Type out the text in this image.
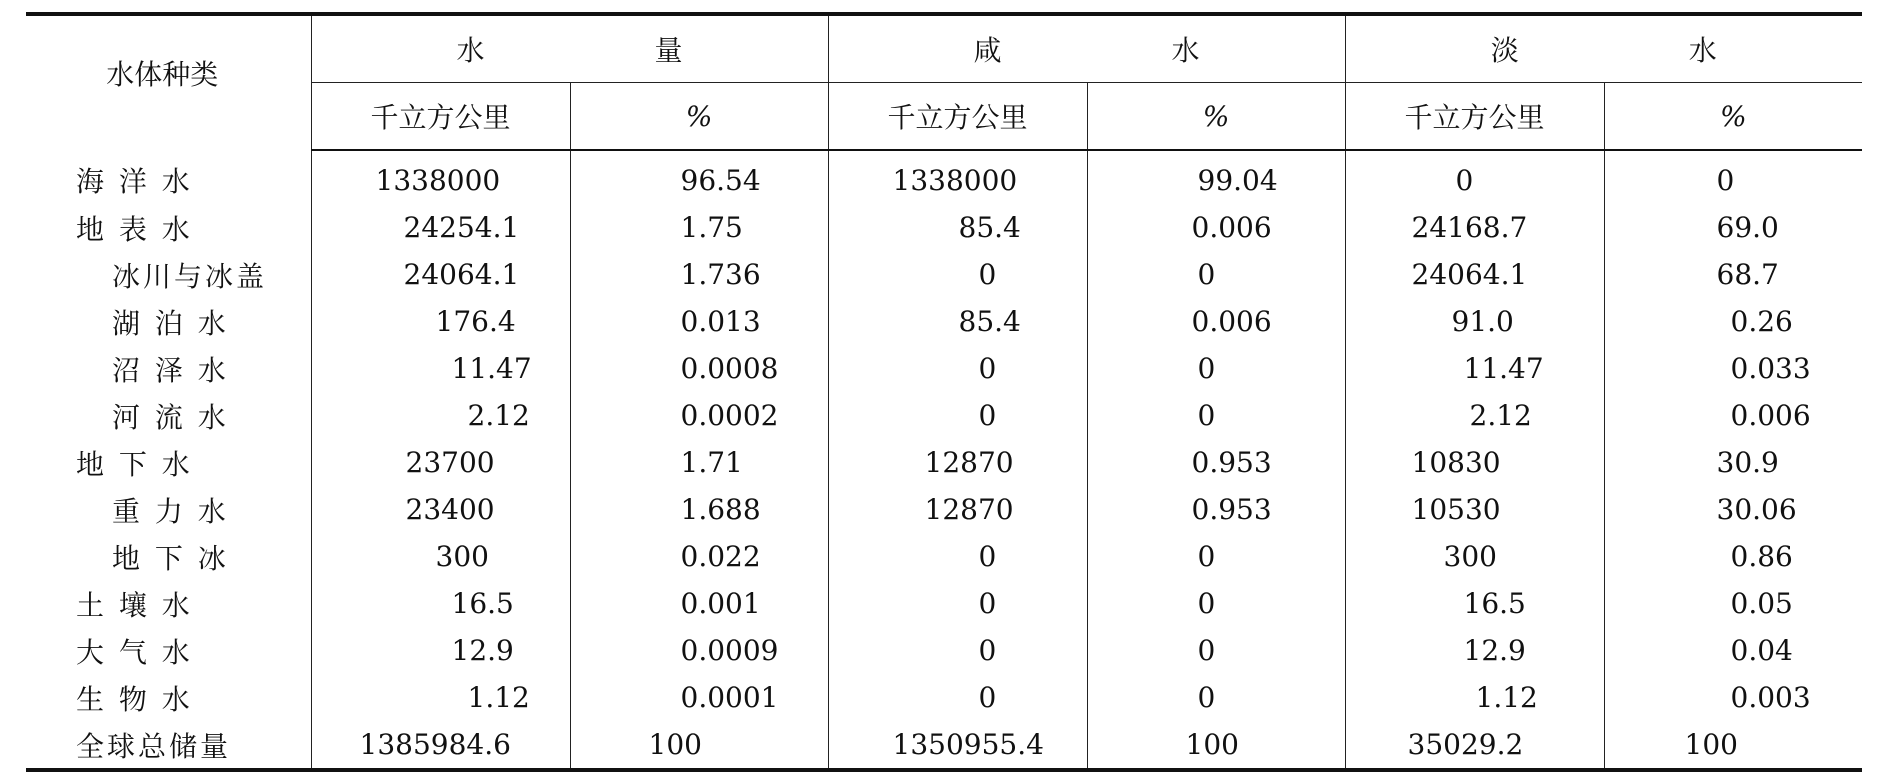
水体种类	水 量		咸 水		淡 水	
	千立方公里	%	千立方公里	%	千立方公里	%
海 洋 水	1338000	96.54	1338000	99.04	0	0
地 表 水	24254.1	1.75	85.4	0.006	24168.7	69.0
冰川与冰盖	24064.1	1.736	0	0	24064.1	68.7
湖 泊 水	176.4	0.013	85.4	0.006	91.0	0.26
沼 泽 水	11.47	0.0008	0	0	11.47	0.033
河 流 水	2.12	0.0002	0	0	2.12	0.006
地 下 水	23700	1.71	12870	0.953	10830	30.9
重 力 水	23400	1.688	12870	0.953	10530	30.06
地 下 冰	300	0.022	0	0	300	0.86
土 壤 水	16.5	0.001	0	0	16.5	0.05
大 气 水	12.9	0.0009	0	0	12.9	0.04
生 物 水	1.12	0.0001	0	0	1.12	0.003
全球总储量	1385984.6	100	1350955.4	100	35029.2	100
